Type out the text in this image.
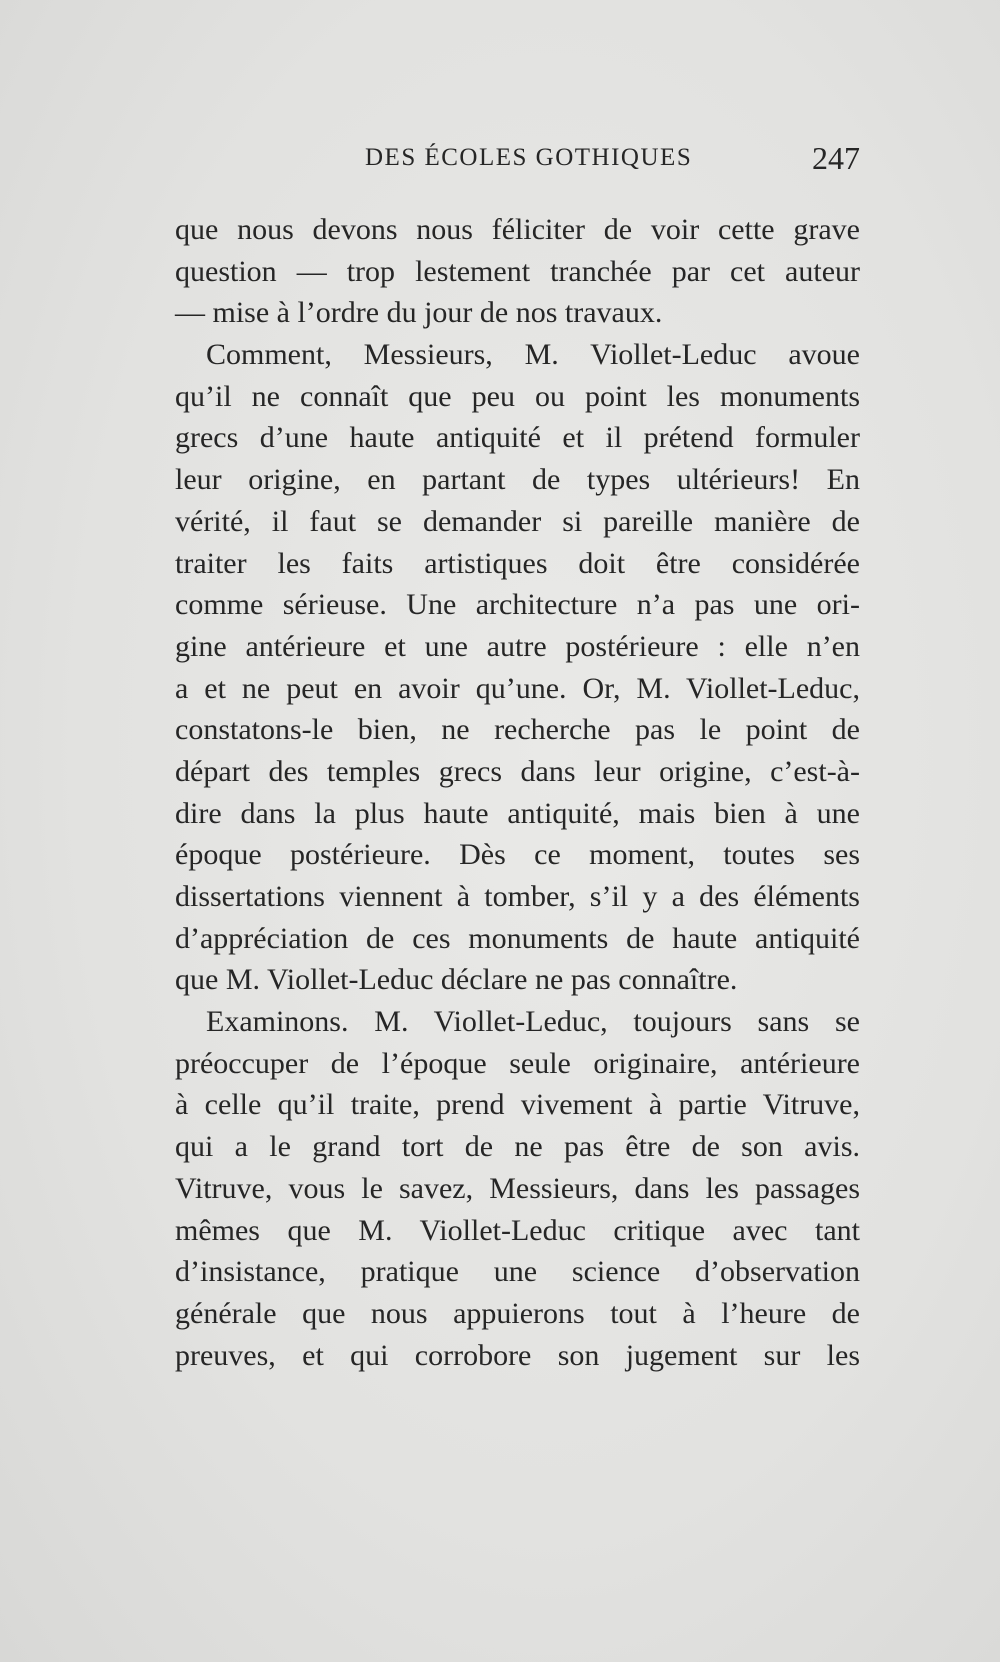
DES ÉCOLES GOTHIQUES	247
que nous devons nous féliciter de voir cette grave
question — trop lestement tranchée par cet auteur
— mise à l’ordre du jour de nos travaux.
Comment, Messieurs, M. Viollet-Leduc avoue
qu’il ne connaît que peu ou point les monuments
grecs d’une haute antiquité et il prétend formuler
leur origine, en partant de types ultérieurs! En
vérité, il faut se demander si pareille manière de
traiter les faits artistiques doit être considérée
comme sérieuse. Une architecture n’a pas une ori-
gine antérieure et une autre postérieure : elle n’en
a et ne peut en avoir qu’une. Or, M. Viollet-Leduc,
constatons-le bien, ne recherche pas le point de
départ des temples grecs dans leur origine, c’est-à-
dire dans la plus haute antiquité, mais bien à une
époque postérieure. Dès ce moment, toutes ses
dissertations viennent à tomber, s’il y a des éléments
d’appréciation de ces monuments de haute antiquité
que M. Viollet-Leduc déclare ne pas connaître.
Examinons. M. Viollet-Leduc, toujours sans se
préoccuper de l’époque seule originaire, antérieure
à celle qu’il traite, prend vivement à partie Vitruve,
qui a le grand tort de ne pas être de son avis.
Vitruve, vous le savez, Messieurs, dans les passages
mêmes que M. Viollet-Leduc critique avec tant
d’insistance, pratique une science d’observation
générale que nous appuierons tout à l’heure de
preuves, et qui corrobore son jugement sur les
